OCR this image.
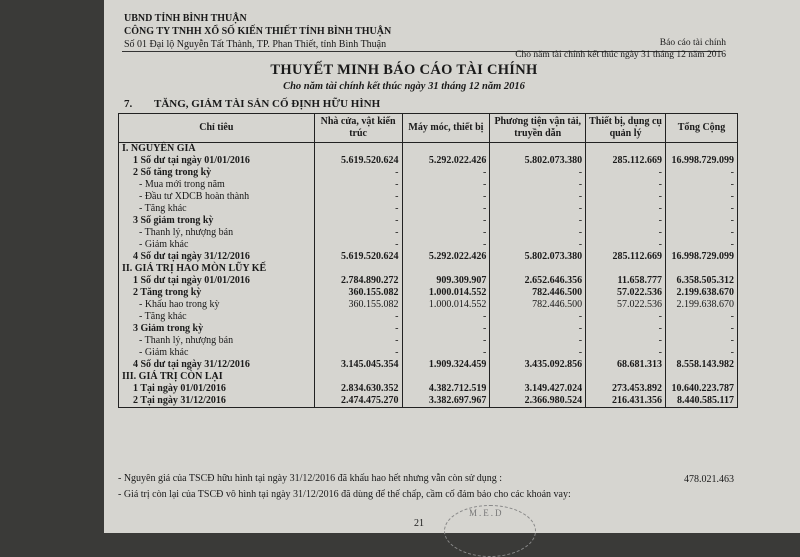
UBND TỈNH BÌNH THUẬN
CÔNG TY TNHH XỔ SỐ KIẾN THIẾT TỈNH BÌNH THUẬN
Số 01 Đại lộ Nguyễn Tất Thành, TP. Phan Thiết, tỉnh Bình Thuận	Báo cáo tài chính
Cho năm tài chính kết thúc ngày 31 tháng 12 năm 2016
THUYẾT MINH BÁO CÁO TÀI CHÍNH
Cho năm tài chính kết thúc ngày 31 tháng 12 năm 2016
7. TĂNG, GIẢM TÀI SẢN CỐ ĐỊNH HỮU HÌNH
Chỉ tiêu	Nhà cửa, vật kiến trúc	Máy móc, thiết bị	Phương tiện vận tải, truyền dẫn	Thiết bị, dụng cụ quản lý	Tổng Cộng
I. NGUYÊN GIÁ					
1 Số dư tại ngày 01/01/2016	5.619.520.624	5.292.022.426	5.802.073.380	285.112.669	16.998.729.099
2 Số tăng trong kỳ	-	-	-	-	-
- Mua mới trong năm	-	-	-	-	-
- Đầu tư XDCB hoàn thành	-	-	-	-	-
- Tăng khác	-	-	-	-	-
3 Số giảm trong kỳ	-	-	-	-	-
- Thanh lý, nhượng bán	-	-	-	-	-
- Giảm khác	-	-	-	-	-
4 Số dư tại ngày 31/12/2016	5.619.520.624	5.292.022.426	5.802.073.380	285.112.669	16.998.729.099
II. GIÁ TRỊ HAO MÒN LŨY KẾ					
1 Số dư tại ngày 01/01/2016	2.784.890.272	909.309.907	2.652.646.356	11.658.777	6.358.505.312
2 Tăng trong kỳ	360.155.082	1.000.014.552	782.446.500	57.022.536	2.199.638.670
- Khấu hao trong kỳ	360.155.082	1.000.014.552	782.446.500	57.022.536	2.199.638.670
- Tăng khác	-	-	-	-	-
3 Giảm trong kỳ	-	-	-	-	-
- Thanh lý, nhượng bán	-	-	-	-	-
- Giảm khác	-	-	-	-	-
4 Số dư tại ngày 31/12/2016	3.145.045.354	1.909.324.459	3.435.092.856	68.681.313	8.558.143.982
III. GIÁ TRỊ CÒN LẠI					
1 Tại ngày 01/01/2016	2.834.630.352	4.382.712.519	3.149.427.024	273.453.892	10.640.223.787
2 Tại ngày 31/12/2016	2.474.475.270	3.382.697.967	2.366.980.524	216.431.356	8.440.585.117
- Nguyên giá của TSCĐ hữu hình tại ngày 31/12/2016 đã khấu hao hết nhưng vẫn còn sử dụng :	478.021.463
- Giá trị còn lại của TSCĐ vô hình tại ngày 31/12/2016 đã dùng để thế chấp, cầm cố đảm bảo cho các khoản vay:
M.E.D
21
